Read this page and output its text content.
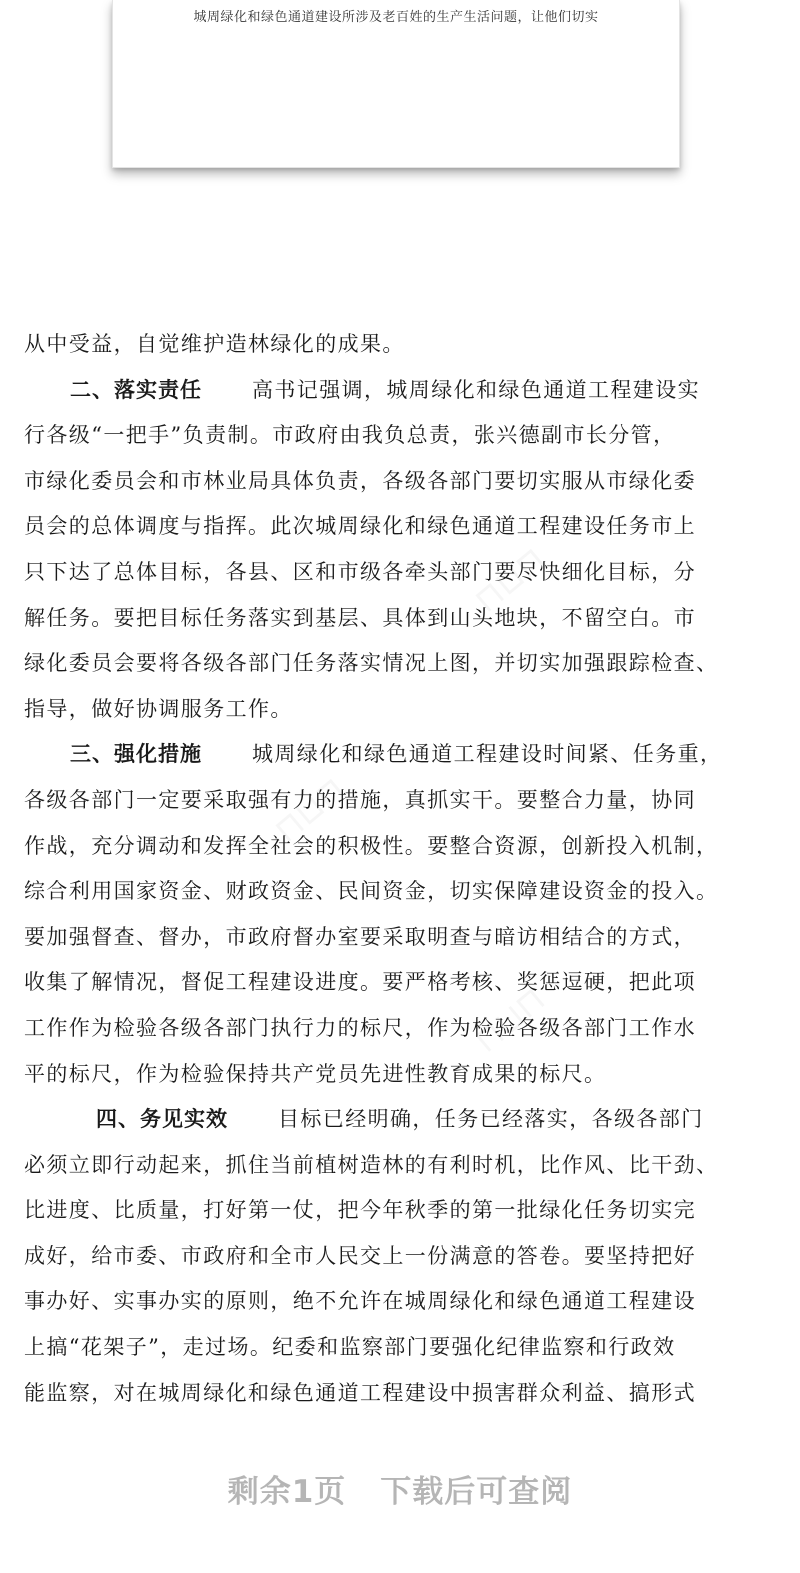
城周绿化和绿色通道建设所涉及老百姓的生产生活问题，让他们切实
⊓⊔⊓
⊓⊔⊓
⊓⊔⊓
从中受益，自觉维护造林绿化的成果。
二、落实责任 高书记强调，城周绿化和绿色通道工程建设实
行各级“一把手”负责制。市政府由我负总责，张兴德副市长分管，
市绿化委员会和市林业局具体负责，各级各部门要切实服从市绿化委
员会的总体调度与指挥。此次城周绿化和绿色通道工程建设任务市上
只下达了总体目标，各县、区和市级各牵头部门要尽快细化目标，分
解任务。要把目标任务落实到基层、具体到山头地块，不留空白。市
绿化委员会要将各级各部门任务落实情况上图，并切实加强跟踪检查、
指导，做好协调服务工作。
三、强化措施 城周绿化和绿色通道工程建设时间紧、任务重，
各级各部门一定要采取强有力的措施，真抓实干。要整合力量，协同
作战，充分调动和发挥全社会的积极性。要整合资源，创新投入机制，
综合利用国家资金、财政资金、民间资金，切实保障建设资金的投入。
要加强督查、督办，市政府督办室要采取明查与暗访相结合的方式，
收集了解情况，督促工程建设进度。要严格考核、奖惩逗硬，把此项
工作作为检验各级各部门执行力的标尺，作为检验各级各部门工作水
平的标尺，作为检验保持共产党员先进性教育成果的标尺。
四、务见实效 目标已经明确，任务已经落实，各级各部门
必须立即行动起来，抓住当前植树造林的有利时机，比作风、比干劲、
比进度、比质量，打好第一仗，把今年秋季的第一批绿化任务切实完
成好，给市委、市政府和全市人民交上一份满意的答卷。要坚持把好
事办好、实事办实的原则，绝不允许在城周绿化和绿色通道工程建设
上搞“花架子”，走过场。纪委和监察部门要强化纪律监察和行政效
能监察，对在城周绿化和绿色通道工程建设中损害群众利益、搞形式
剩余1页 下载后可查阅
